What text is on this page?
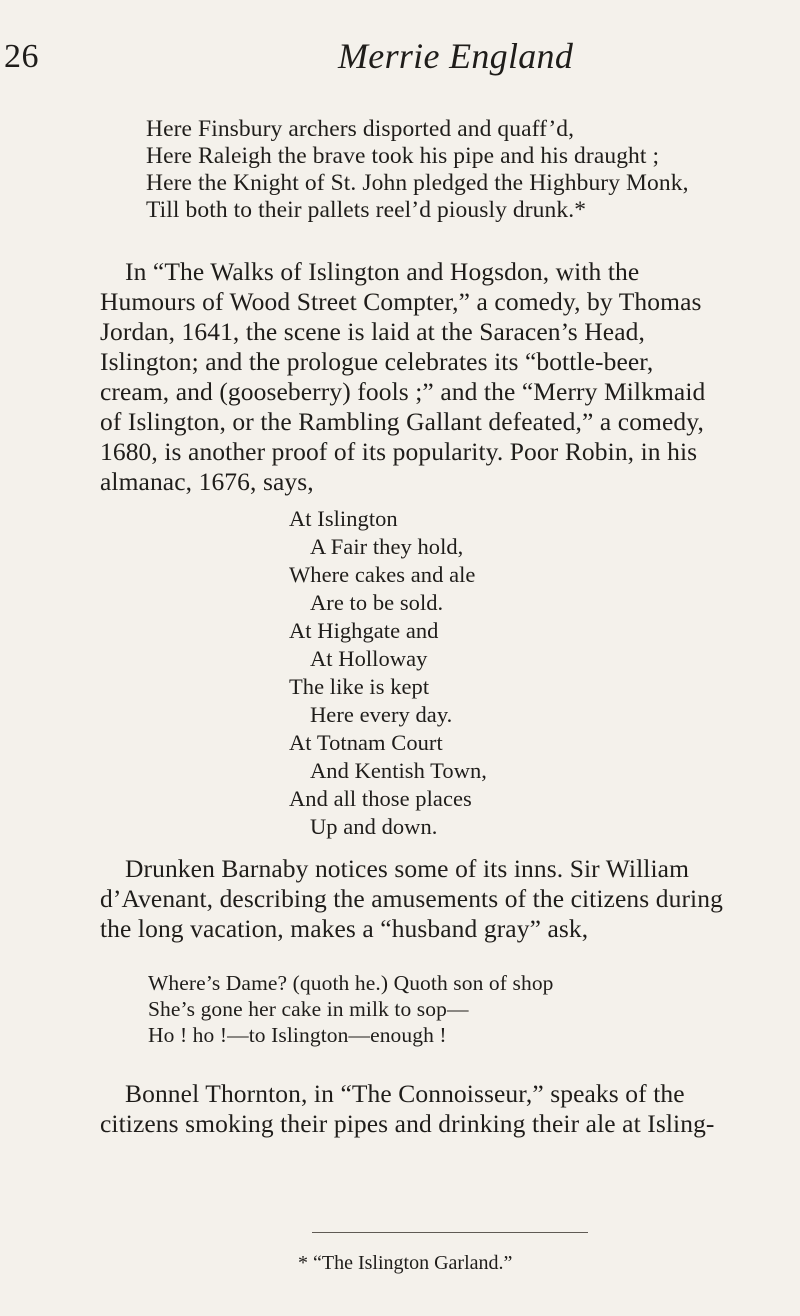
26	Merrie England
Here Finsbury archers disported and quaff’d,
Here Raleigh the brave took his pipe and his draught ;
Here the Knight of St. John pledged the Highbury Monk,
Till both to their pallets reel’d piously drunk.*
In “The Walks of Islington and Hogsdon, with the
Humours of Wood Street Compter,” a comedy, by Thomas
Jordan, 1641, the scene is laid at the Saracen’s Head,
Islington; and the prologue celebrates its “bottle-beer,
cream, and (gooseberry) fools ;” and the “Merry Milkmaid
of Islington, or the Rambling Gallant defeated,” a comedy,
1680, is another proof of its popularity. Poor Robin, in his
almanac, 1676, says,
At Islington
A Fair they hold,
Where cakes and ale
Are to be sold.
At Highgate and
At Holloway
The like is kept
Here every day.
At Totnam Court
And Kentish Town,
And all those places
Up and down.
Drunken Barnaby notices some of its inns. Sir William
d’Avenant, describing the amusements of the citizens during
the long vacation, makes a “husband gray” ask,
Where’s Dame? (quoth he.) Quoth son of shop
She’s gone her cake in milk to sop—
Ho ! ho !—to Islington—enough !
Bonnel Thornton, in “The Connoisseur,” speaks of the
citizens smoking their pipes and drinking their ale at Isling-
* “The Islington Garland.”
